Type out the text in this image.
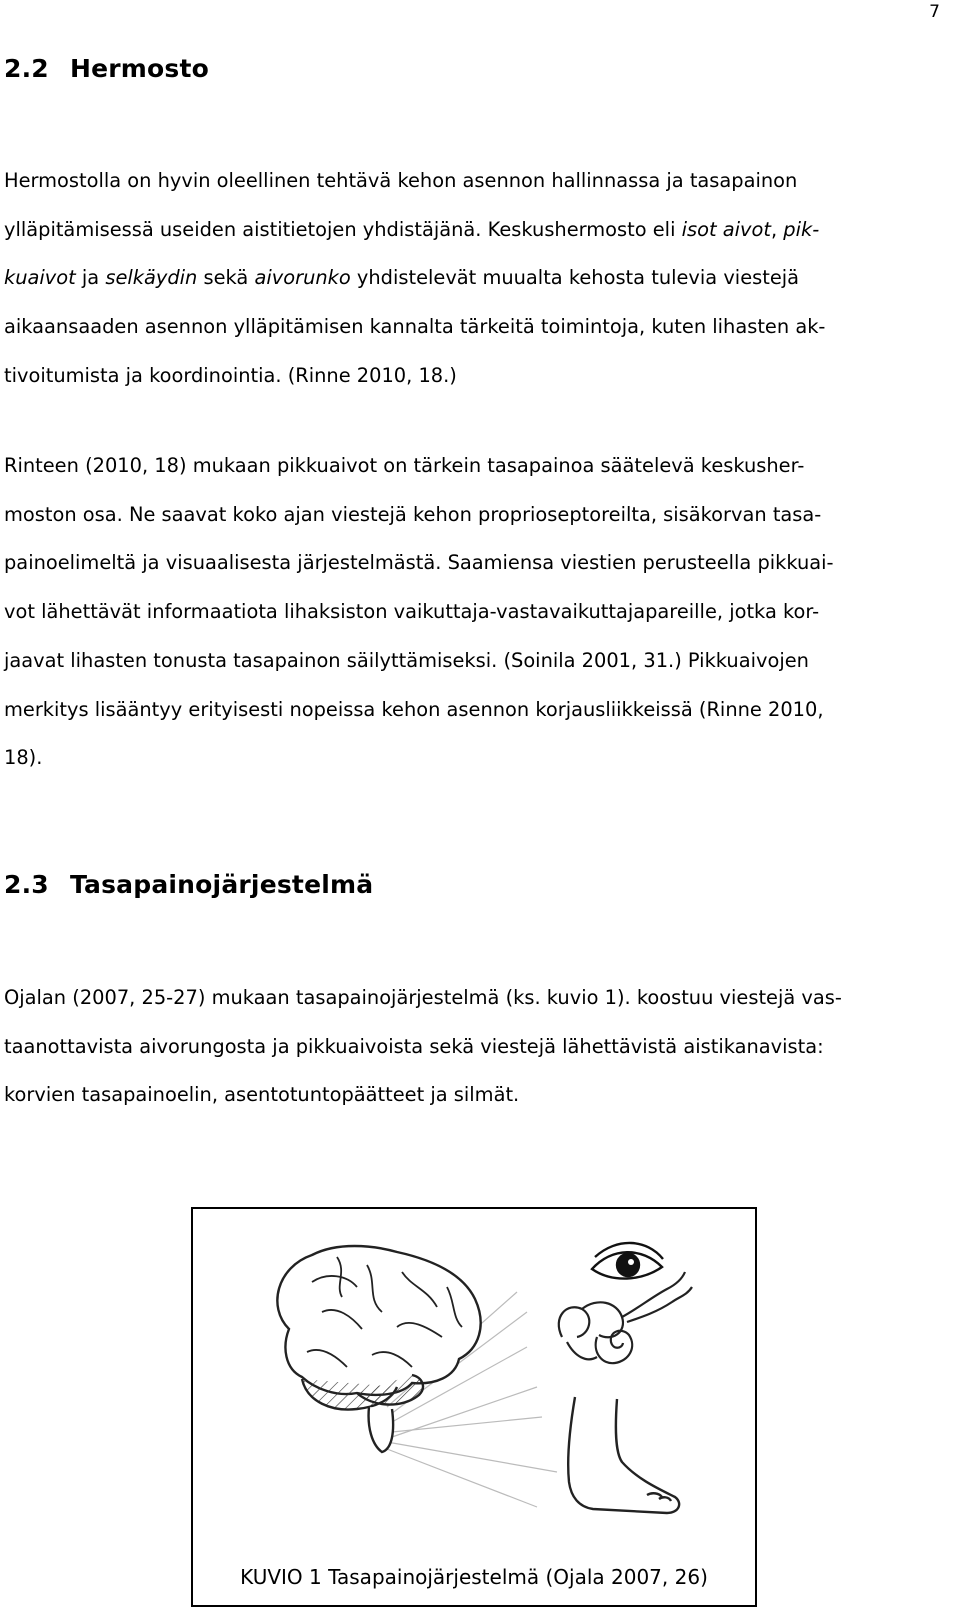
7
2.2 Hermosto

Hermostolla on hyvin oleellinen tehtävä kehon asennon hallinnassa ja tasapainon
ylläpitämisessä useiden aistitietojen yhdistäjänä. Keskushermosto eli isot aivot, pik-
kuaivot ja selkäydin sekä aivorunko yhdistelevät muualta kehosta tulevia viestejä
aikaansaaden asennon ylläpitämisen kannalta tärkeitä toimintoja, kuten lihasten ak-
tivoitumista ja koordinointia. (Rinne 2010, 18.)

Rinteen (2010, 18) mukaan pikkuaivot on tärkein tasapainoa säätelevä keskusher-
moston osa. Ne saavat koko ajan viestejä kehon proprioseptoreilta, sisäkorvan tasa-
painoelimeltä ja visuaalisesta järjestelmästä. Saamiensa viestien perusteella pikkuai-
vot lähettävät informaatiota lihaksiston vaikuttaja-vastavaikuttajapareille, jotka kor-
jaavat lihasten tonusta tasapainon säilyttämiseksi. (Soinila 2001, 31.) Pikkuaivojen
merkitys lisääntyy erityisesti nopeissa kehon asennon korjausliikkeissä (Rinne 2010,
18).

2.3 Tasapainojärjestelmä

Ojalan (2007, 25-27) mukaan tasapainojärjestelmä (ks. kuvio 1). koostuu viestejä vas-
taanottavista aivorungosta ja pikkuaivoista sekä viestejä lähettävistä aistikanavista:
korvien tasapainoelin, asentotuntopäätteet ja silmät.

KUVIO 1 Tasapainojärjestelmä (Ojala 2007, 26)
